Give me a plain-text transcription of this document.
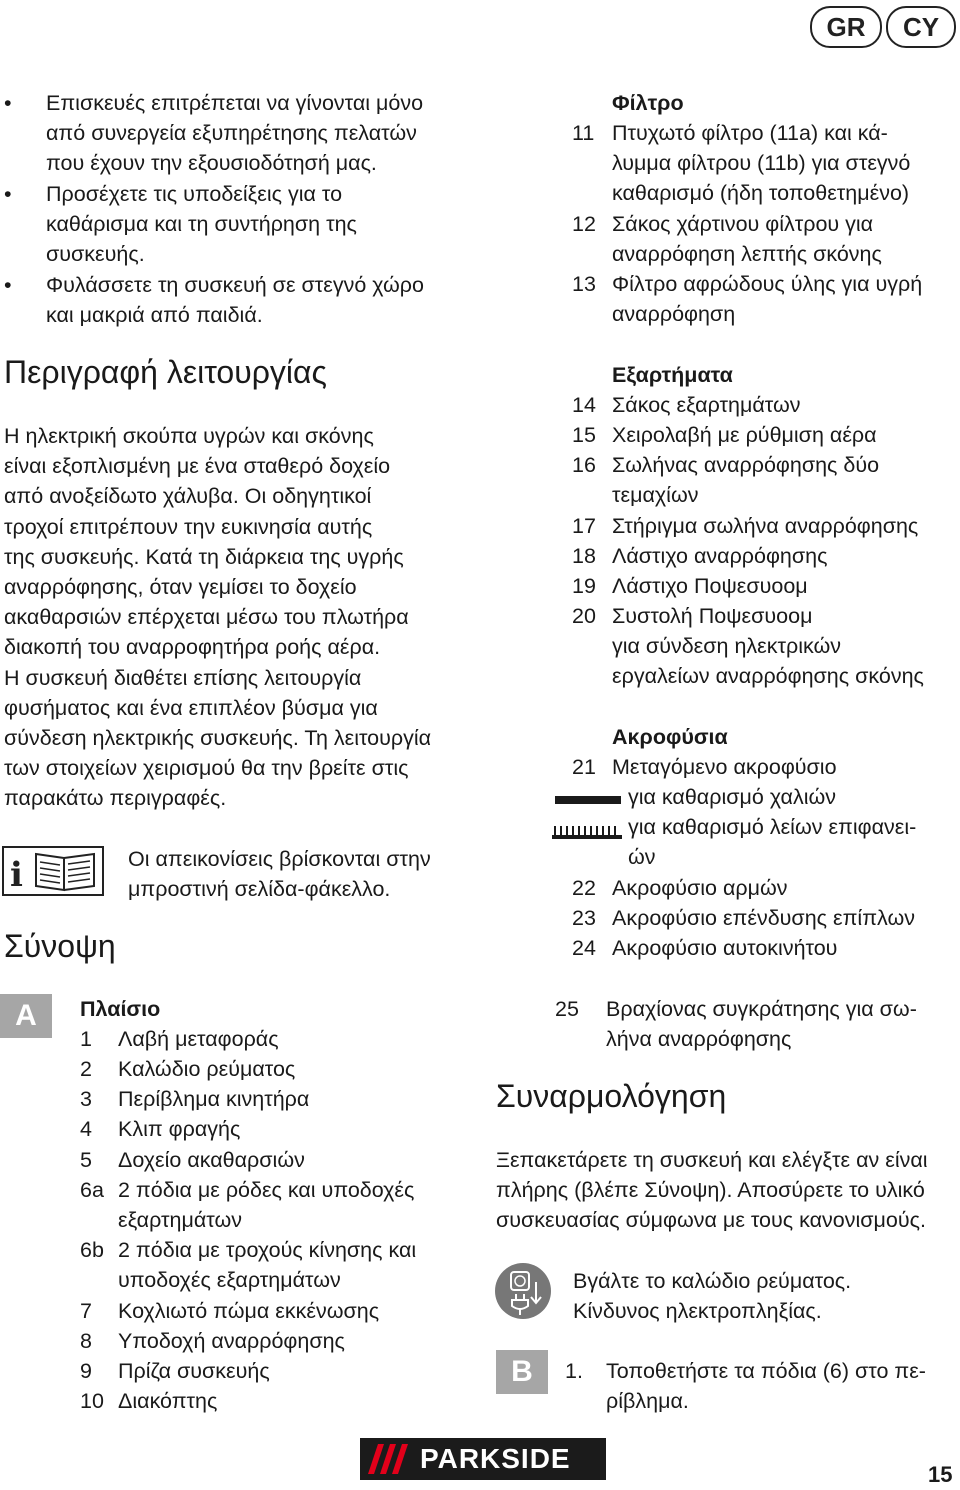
GR	CY
• Επισκευές επιτρέπεται να γίνονται μόνο
από συνεργεία εξυπηρέτησης πελατών
που έχουν την εξουσιοδότησή μας.
• Προσέχετε τις υποδείξεις για το
καθάρισμα και τη συντήρηση της
συσκευής.
• Φυλάσσετε τη συσκευή σε στεγνό χώρο
και μακριά από παιδιά.
Περιγραφή λειτουργίας
Η ηλεκτρική σκούπα υγρών και σκόνης
είναι εξοπλισμένη με ένα σταθερό δοχείο
από ανοξείδωτο χάλυβα. Οι οδηγητικοί
τροχοί επιτρέπουν την ευκινησία αυτής
της συσκευής. Κατά τη διάρκεια της υγρής
αναρρόφησης, όταν γεμίσει το δοχείο
ακαθαρσιών επέρχεται μέσω του πλωτήρα
διακοπή του αναρροφητήρα ροής αέρα.
Η συσκευή διαθέτει επίσης λειτουργία
φυσήματος και ένα επιπλέον βύσμα για
σύνδεση ηλεκτρικής συσκευής. Τη λειτουργία
των στοιχείων χειρισμού θα την βρείτε στις
παρακάτω περιγραφές.
i	Οι απεικονίσεις βρίσκονται στην
μπροστινή σελίδα-φάκελλο.
Σύνοψη
A	Πλαίσιο
1 Λαβή μεταφοράς
2 Καλώδιο ρεύματος
3 Περίβλημα κινητήρα
4 Κλιπ φραγής
5 Δοχείο ακαθαρσιών
6a 2 πόδια με ρόδες και υποδοχές
εξαρτημάτων
6b 2 πόδια με τροχούς κίνησης και
υποδοχές εξαρτημάτων
7 Κοχλιωτό πώμα εκκένωσης
8 Υποδοχή αναρρόφησης
9 Πρίζα συσκευής
10 Διακόπτης
Φίλτρο
11 Πτυχωτό φίλτρο (11a) και κά-
λυμμα φίλτρου (11b) για στεγνό
καθαρισμό (ήδη τοποθετημένο)
12 Σάκος χάρτινου φίλτρου για
αναρρόφηση λεπτής σκόνης
13 Φίλτρο αφρώδους ύλης για υγρή
αναρρόφηση
Εξαρτήματα
14 Σάκος εξαρτημάτων
15 Χειρολαβή με ρύθμιση αέρα
16 Σωλήνας αναρρόφησης δύο
τεμαχίων
17 Στήριγμα σωλήνα αναρρόφησης
18 Λάστιχο αναρρόφησης
19 Λάστιχο Ποψεσυοομ
20 Συστολή Ποψεσυοομ
για σύνδεση ηλεκτρικών
εργαλείων αναρρόφησης σκόνης
Ακροφύσια
21 Μεταγόμενο ακροφύσιο
για καθαρισμό χαλιών
για καθαρισμό λείων επιφανει-
ών
22 Ακροφύσιο αρμών
23 Ακροφύσιο επένδυσης επίπλων
24 Ακροφύσιο αυτοκινήτου
25 Βραχίονας συγκράτησης για σω-
λήνα αναρρόφησης
Συναρμολόγηση
Ξεπακετάρετε τη συσκευή και ελέγξτε αν είναι
πλήρης (βλέπε Σύνοψη). Αποσύρετε το υλικό
συσκευασίας σύμφωνα με τους κανονισμούς.
Βγάλτε το καλώδιο ρεύματος.
Κίνδυνος ηλεκτροπληξίας.
B	1. Τοποθετήστε τα πόδια (6) στο πε-
ρίβλημα.
PARKSIDE
15
